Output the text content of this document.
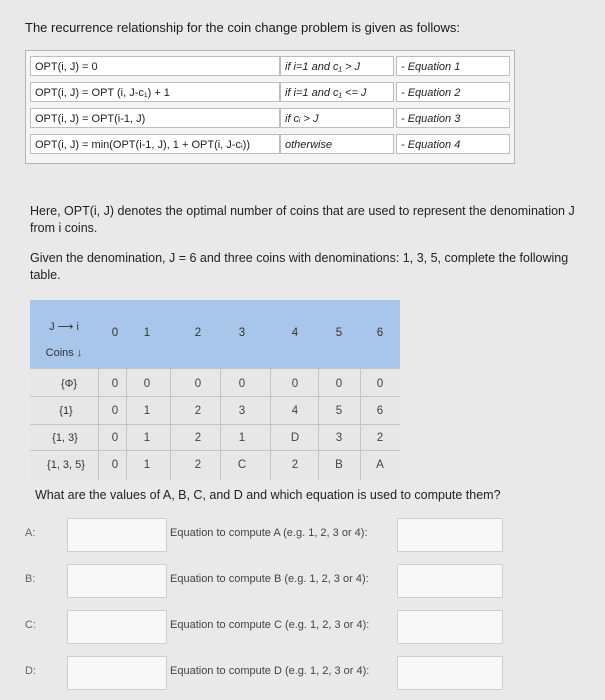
The recurrence relationship for the coin change problem is given as follows:
OPT(i, J) = 0	if i=1 and c₁ > J	- Equation 1
OPT(i, J) = OPT (i, J-c₁) + 1	if i=1 and c₁ <= J	- Equation 2
OPT(i, J) = OPT(i-1, J)	if cᵢ > J	- Equation 3
OPT(i, J) = min(OPT(i-1, J), 1 + OPT(i, J-cᵢ))	otherwise	- Equation 4
Here, OPT(i, J) denotes the optimal number of coins that are used to represent the denomination J
from i coins.
Given the denomination, J = 6 and three coins with denominations: 1, 3, 5, complete the following
table.
J ⟶ i
Coins ↓
0	1	2	3	4	5	6
{Φ}	0	0	0	0	0	0	0
{1}	0	1	2	3	4	5	6
{1, 3}	0	1	2	1	D	3	2
{1, 3, 5}	0	1	2	C	2	B	A
What are the values of A, B, C, and D and which equation is used to compute them?
A:	Equation to compute A (e.g. 1, 2, 3 or 4):
B:	Equation to compute B (e.g. 1, 2, 3 or 4):
C:	Equation to compute C (e.g. 1, 2, 3 or 4):
D:	Equation to compute D (e.g. 1, 2, 3 or 4):
